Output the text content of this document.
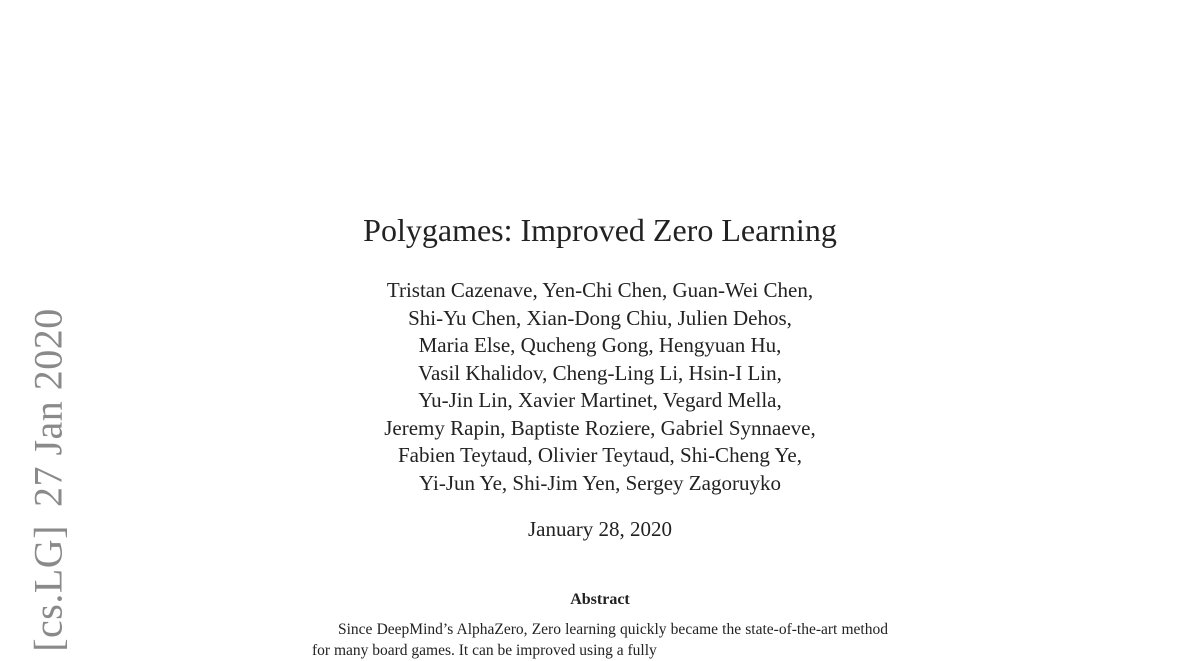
[cs.LG]27 Jan 2020
Polygames: Improved Zero Learning
Tristan Cazenave, Yen-Chi Chen, Guan-Wei Chen,
Shi-Yu Chen, Xian-Dong Chiu, Julien Dehos,
Maria Else, Qucheng Gong, Hengyuan Hu,
Vasil Khalidov, Cheng-Ling Li, Hsin-I Lin,
Yu-Jin Lin, Xavier Martinet, Vegard Mella,
Jeremy Rapin, Baptiste Roziere, Gabriel Synnaeve,
Fabien Teytaud, Olivier Teytaud, Shi-Cheng Ye,
Yi-Jun Ye, Shi-Jim Yen, Sergey Zagoruyko
January 28, 2020
Abstract
Since DeepMind’s AlphaZero, Zero learning quickly became the state-of-the-art method for many board games. It can be improved using a fully
